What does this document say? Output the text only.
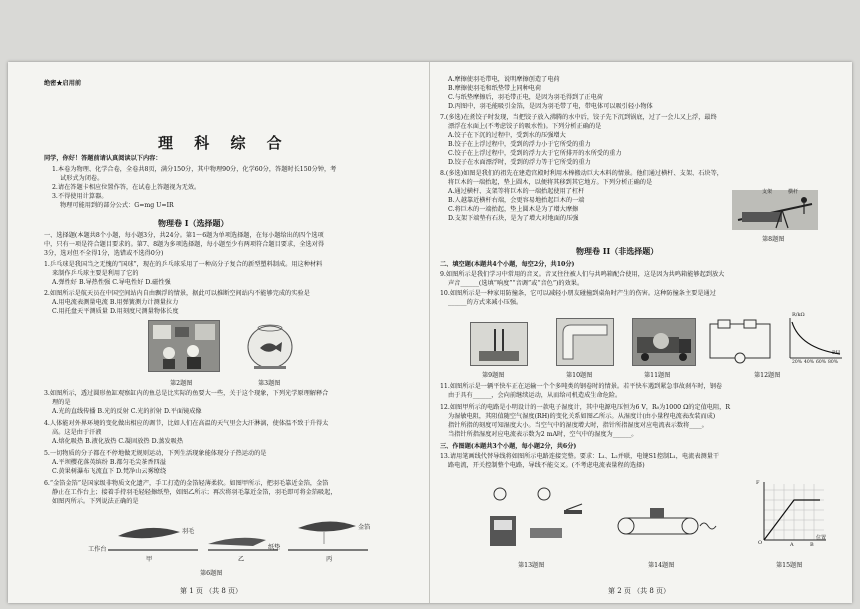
绝密★启用前
理 科 综 合
同学，你好！答题前请认真阅读以下内容：
1.本卷为物理、化学合卷，全卷共8页，满分150分，其中物理90分，化学60分，答题时长150分钟，考
试形式为闭卷。
2.请在答题卡相应位置作答，在试卷上答题视为无效。
3.不得使用计算器。
物理可能用到的部分公式：G=mg U=IR
物理卷 I（选择题）
一、选择题(本题共8个小题，每小题3分，共24分。第1～6题为单项选择题，在每小题给出的四个选项
中，只有一项是符合题目要求的。第7、8题为多项选择题，每小题至少有两项符合题目要求，全选对得
3分，选对但不全得1分，选错或不选得0分)
1.乒乓球是我国当之无愧的“国球”，现在的乒乓球采用了一种高分子复合的新型塑料制成。用这种材料
来制作乒乓球主要是利用了它的
A.弹性好 B.导热性强 C.导电性好 D.磁性强
2.如图所示是航天员在中国空间站内自由飘浮的情景，据此可以推断空间站内不能够完成的实验是
A.用电流表测量电流 B.用弹簧测力计测量拉力
C.用托盘天平测质量 D.用刻度尺测量物体长度
第2题图	第3题图
3.如图所示，透过圆形鱼缸观察缸内的鱼总是比实际的鱼要大一些，关于这个现象，下列光学原理解释合
理的是
A.光的直线传播 B.光的反射 C.光的折射 D.平面镜成像
4.人体能对外界环境的变化做出相应的调节，比如人们在高温的天气里会大汗淋漓，使体温不致于升得太
高。这是由于汗液
A.熔化吸热 B.液化放热 C.凝固放热 D.蒸发吸热
5.一切物质的分子都在不停地做无规则运动，下列生活现象能体现分子热运动的是
A.平坝樱花落英缤纷 B.都匀毛尖茶香四溢
C.黄果树瀑布飞流直下 D.梵净山云雾缭绕
6.“金箔金箔”是国家级非物质文化遗产，手工打造的金箔轻薄柔软。如图甲所示，把羽毛靠近金箔，金箔
静止在工作台上；接着手持羽毛轻轻擦纸垫，如图乙所示；再次将羽毛靠近金箔，羽毛即可将金箔吸起，
如图丙所示。下列说法正确的是
工作台
羽毛
纸垫
金箔
甲	乙	丙
第6题图
第 1 页 （共 8 页）
A.摩擦使羽毛带电，说明摩擦创造了电荷
B.摩擦使羽毛和纸垫带上同种电荷
C.与纸垫摩擦后，羽毛带正电，是因为羽毛得到了正电荷
D.丙图中，羽毛能吸引金箔，是因为羽毛带了电，带电体可以吸引轻小物体
7.(多选)在煮饺子时发现，当把饺子放入沸腾的水中后，饺子先下沉到锅底，过了一会儿又上浮，最终
漂浮在水面上(不考虑饺子的吸水性)。下列分析正确的是
A.饺子在下沉的过程中，受到水的压强增大
B.饺子在上浮过程中，受到的浮力小于它所受的重力
C.饺子在上浮过程中，受到的浮力大于它所排开的水所受的重力
D.饺子在水面漂浮时，受到的浮力等于它所受的重力
8.(多选)如图是我们的祖先在建造宫殿时利用木棒搬动巨大木料的情景。他们通过横杆、支架、石块等，
将巨木的一端抬起，垫上圆木，以便将其移到其它地方。下列分析正确的是
A.通过横杆、支架等将巨木的一端抬起使用了杠杆
B.人越靠近横杆右端，会更容易地抬起巨木的一端
C.将巨木的一端抬起，垫上圆木是为了增大摩擦
D.支架下端垫有石块，是为了增大对地面的压强
支架	横杆
第8题图
物理卷 II（非选择题）
二、填空题(本题共4个小题，每空2分，共10分)
9.如图所示是我们学习中常用的音叉。音叉往往被人们与共鸣箱配合使用，这是因为共鸣箱能够起到放大
声音______(选填“响度”“音调”或“音色”)的效果。
10.如图所示是一种家用防撞条，它可以减轻小朋友碰撞到桌角时产生的伤害。这种防撞条主要是通过
______的方式来减小压强。
R/kΩ
RH
20% 40% 60% 80%
第9题图	第10题图	第11题图	第12题图
11.如图所示是一辆平快车正在运输一个个多吨类的钢卷时的情景。若平快车遇到紧急事故刹车时，钢卷
由于具有______，会向前继续运动，从而给司机造成生命危险。
12.如图甲所示的电路是小明设计的一款电子湿度计，其中电源电压恒为6 V，R₀为1000 Ω的定值电阻，R
为湿敏电阻，其阻值随空气湿度(RH)的变化关系如图乙所示。从湿度计(由小量程电流表改装而成)
指针所指的刻度可知湿度大小。当空气中的湿度增大时，指针所指湿度对应电流表示数将____。
当指针所指湿度对应电流表示数为2 mA时，空气中的湿度为______。
三、作图题(本题共3个小题，每小题2分，共6分)
13.请用笔画线代替导线将如图所示电路连接完整。要求：L₁、L₂并联，电键S1控制L₁，电流表测量干
路电流，开关控制整个电路，导线不能交叉。(不考虑电流表量程的选择)
F
O	A	B
位置
第13题图	第14题图	第15题图
第 2 页 （共 8 页）
